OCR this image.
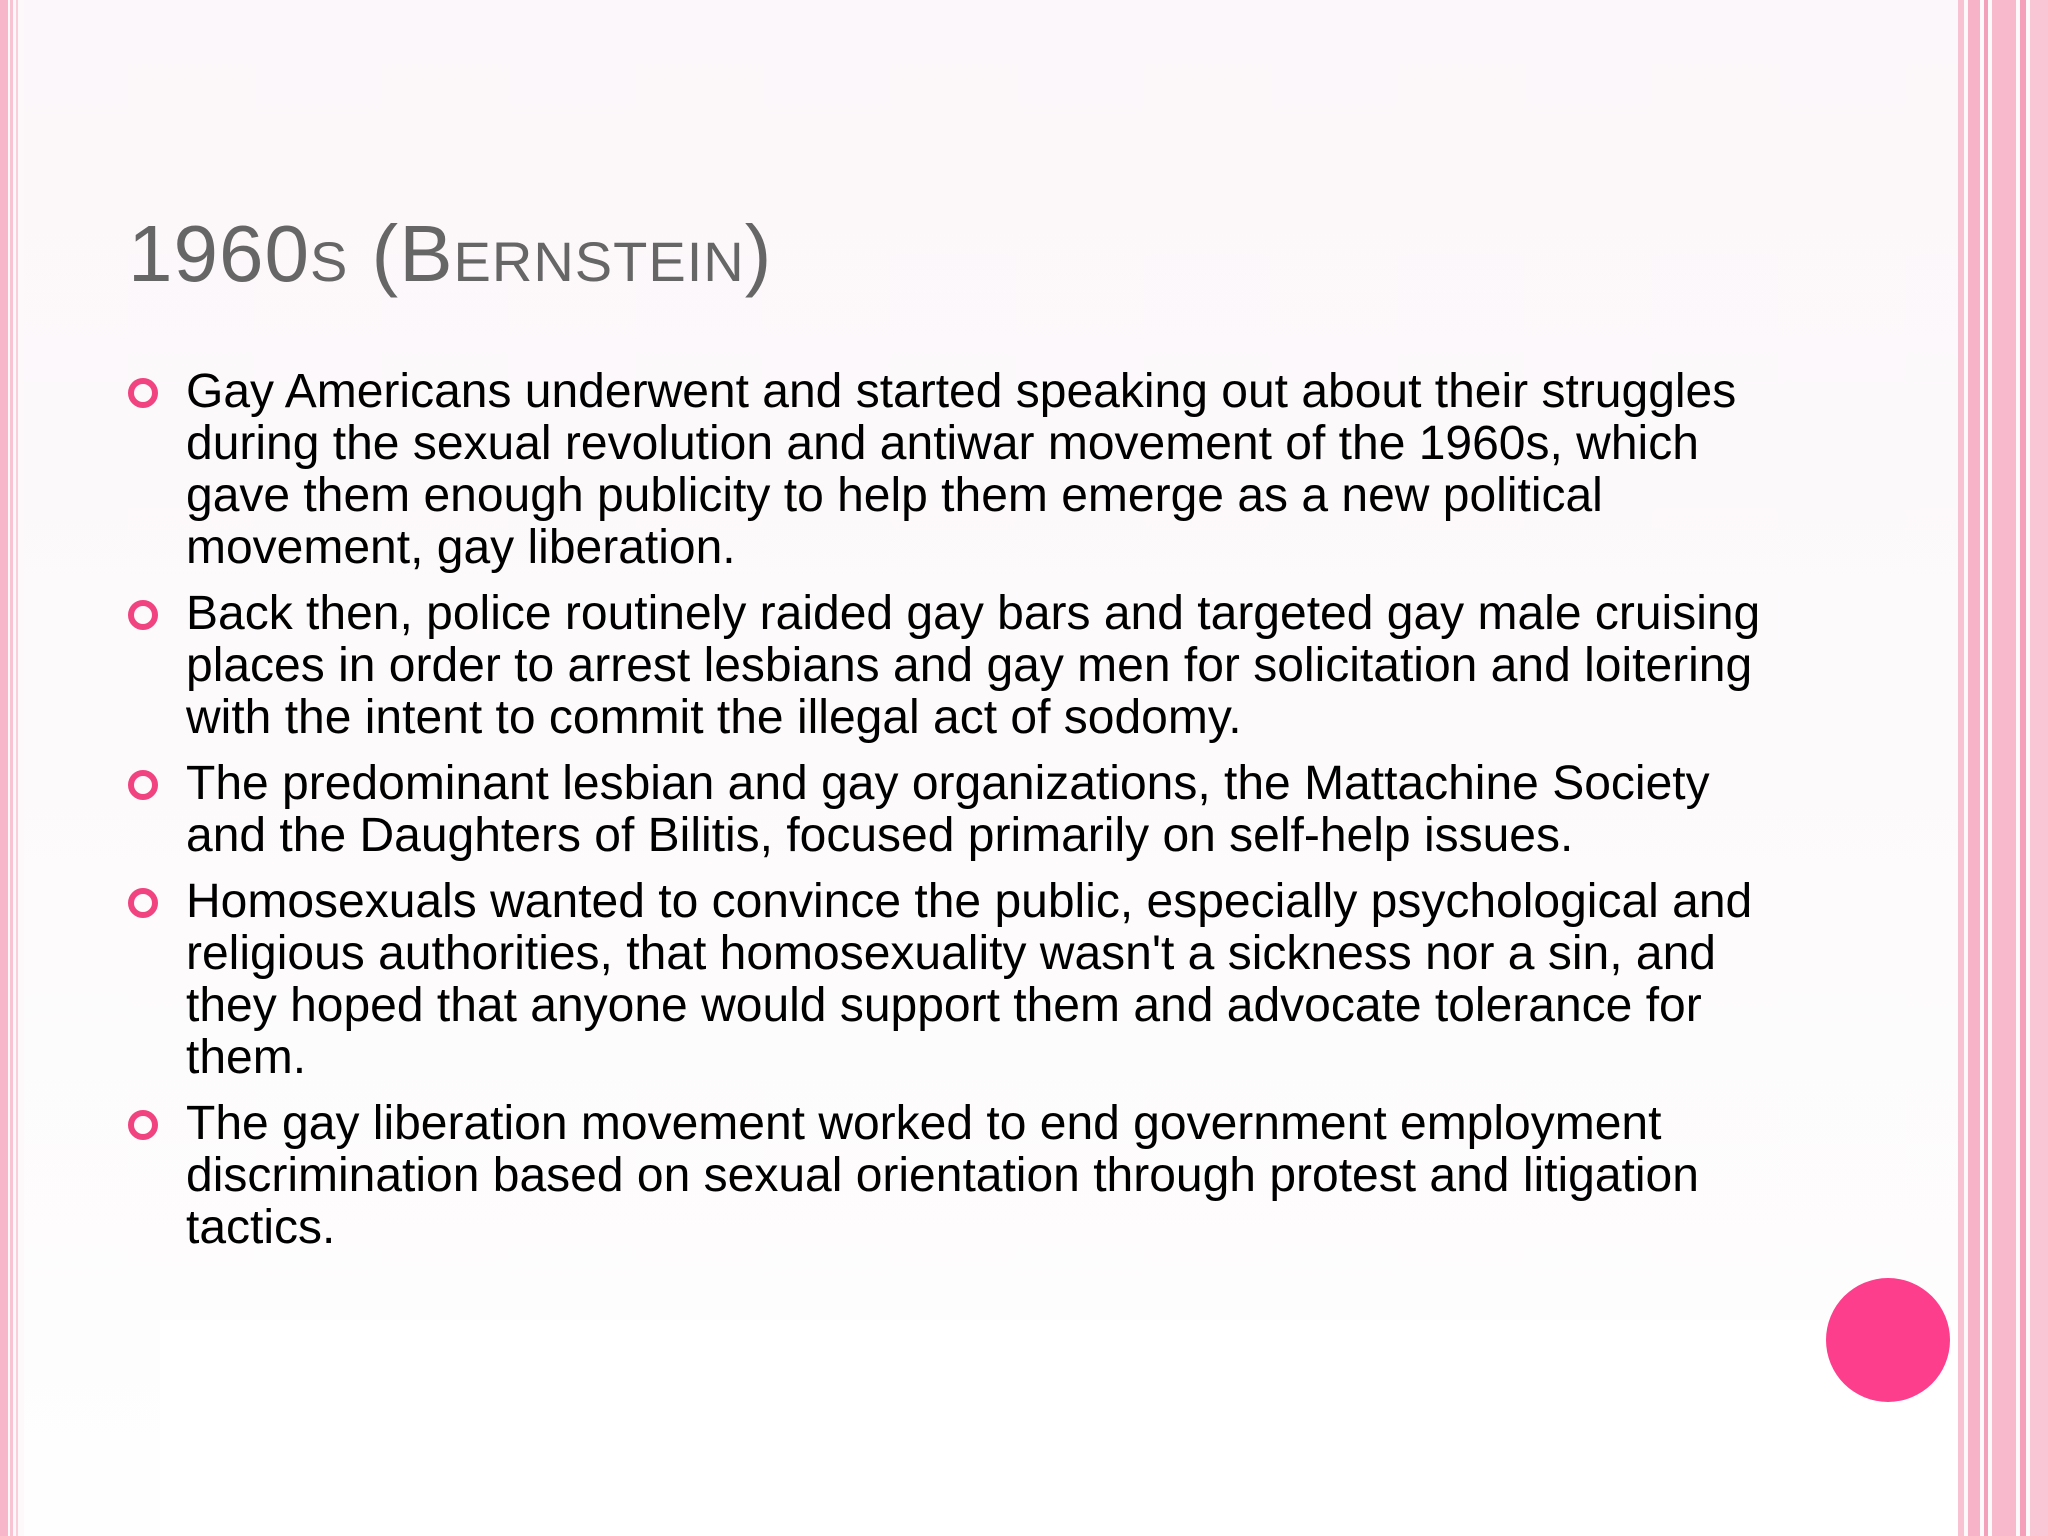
1960s (Bernstein)
Gay Americans underwent and started speaking out about their struggles during the sexual revolution and antiwar movement of the 1960s, which gave them enough publicity to help them emerge as a new political movement, gay liberation.
Back then, police routinely raided gay bars and targeted gay male cruising places in order to arrest lesbians and gay men for solicitation and loitering with the intent to commit the illegal act of sodomy.
The predominant lesbian and gay organizations, the Mattachine Society and the Daughters of Bilitis, focused primarily on self-help issues.
Homosexuals wanted to convince the public, especially psychological and religious authorities, that homosexuality wasn't a sickness nor a sin, and they hoped that anyone would support them and advocate tolerance for them.
The gay liberation movement worked to end government employment discrimination based on sexual orientation through protest and litigation tactics.
